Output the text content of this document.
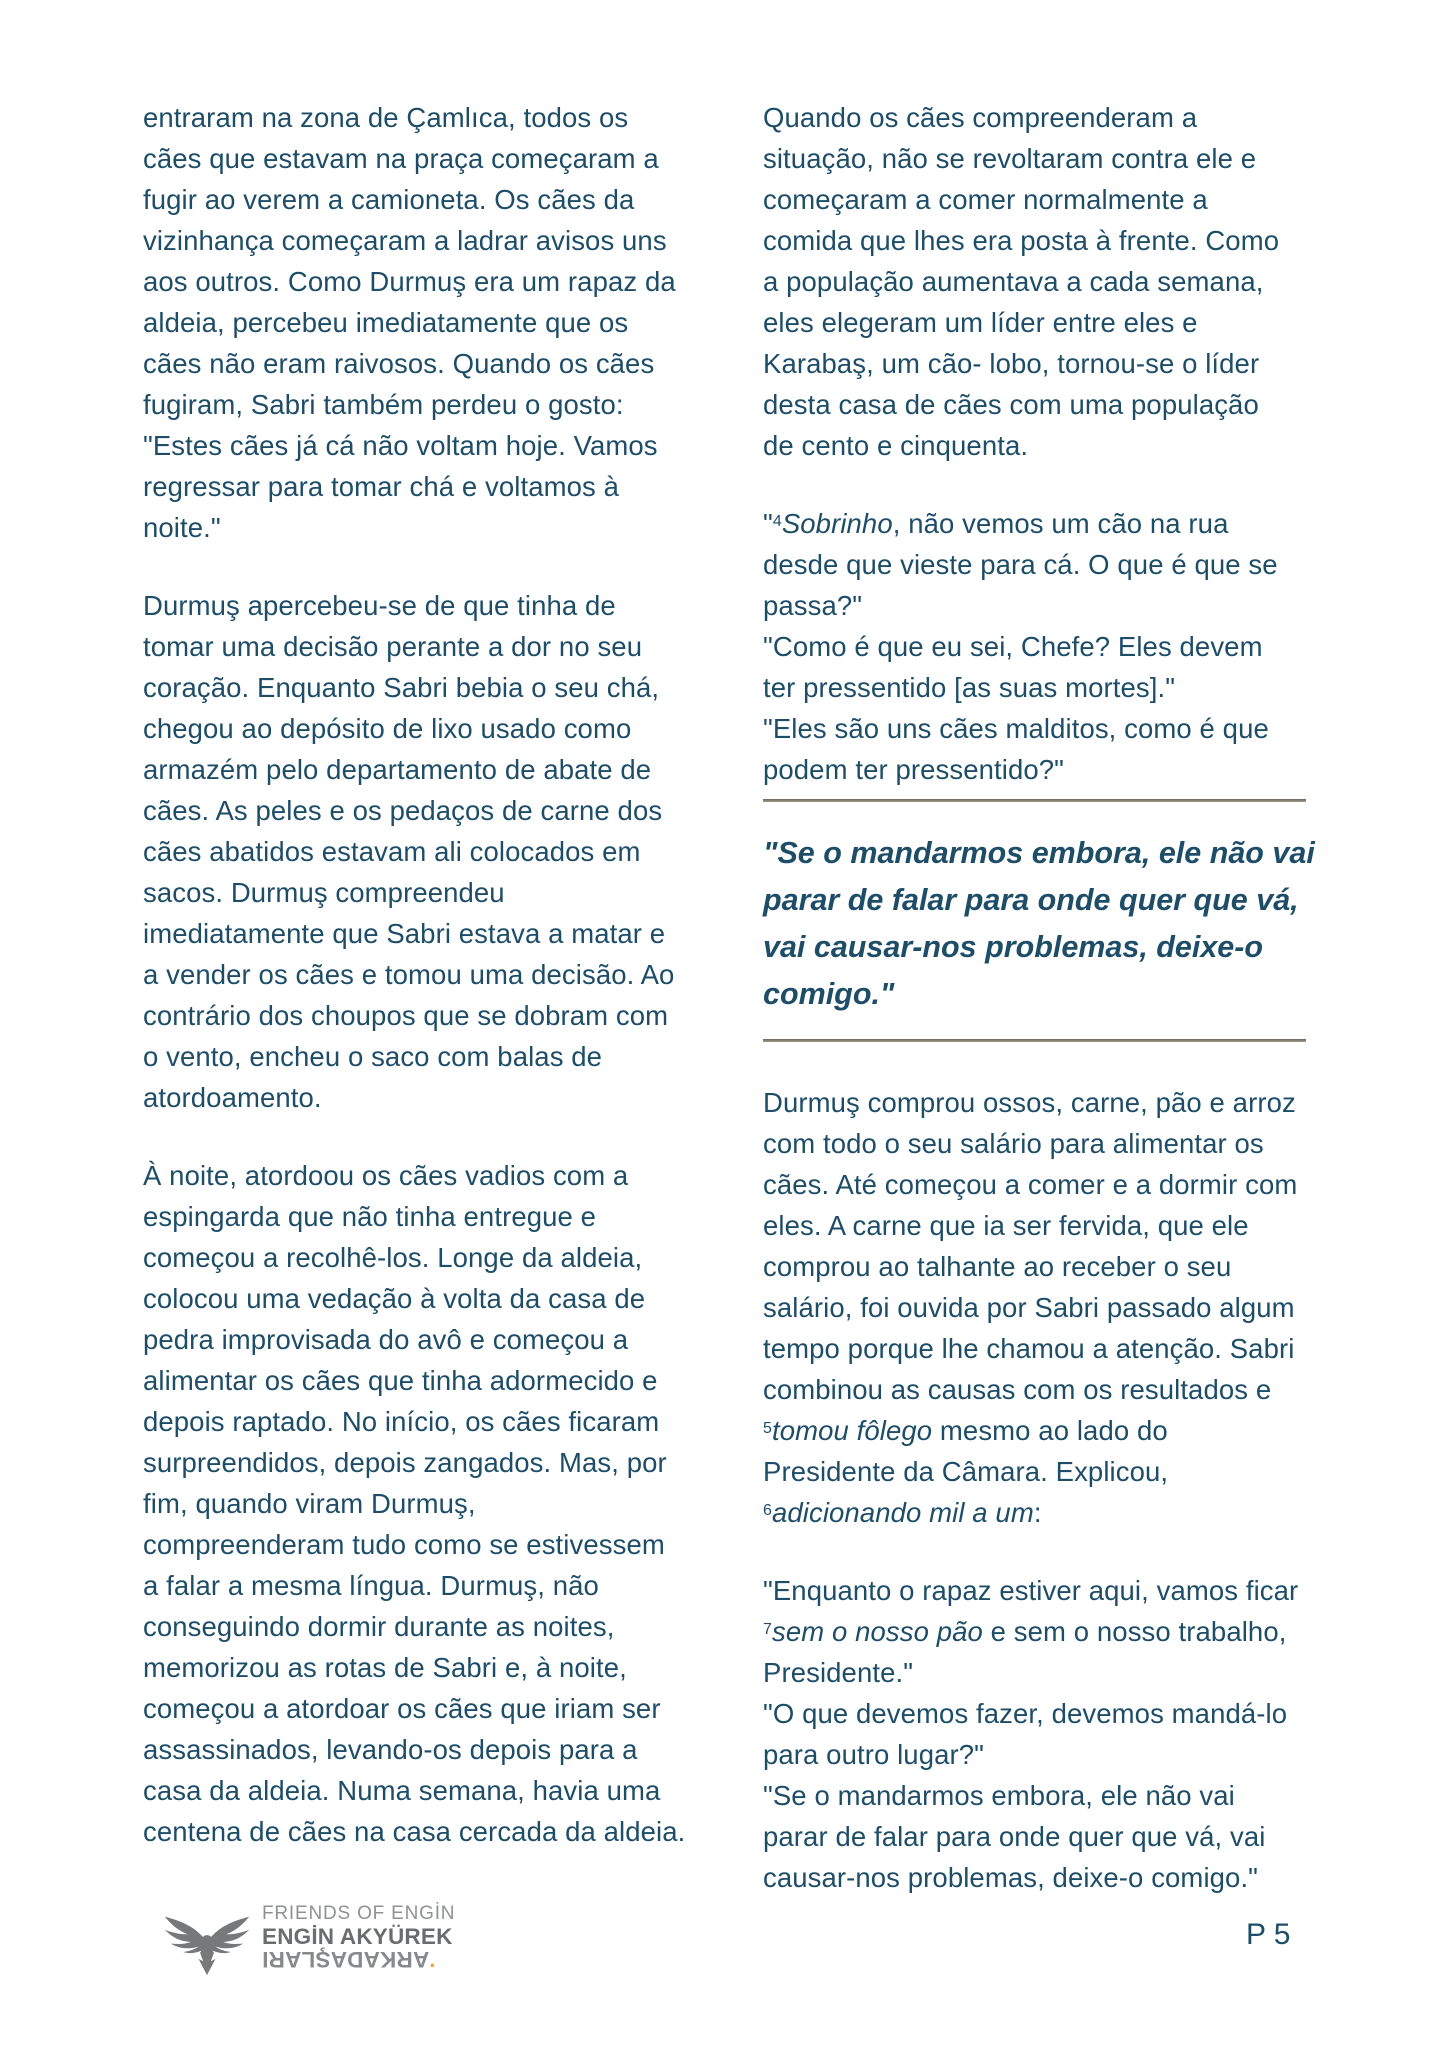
entraram na zona de Çamlıca, todos os
cães que estavam na praça começaram a
fugir ao verem a camioneta. Os cães da
vizinhança começaram a ladrar avisos uns
aos outros. Como Durmuş era um rapaz da
aldeia, percebeu imediatamente que os
cães não eram raivosos. Quando os cães
fugiram, Sabri também perdeu o gosto:
"Estes cães já cá não voltam hoje. Vamos
regressar para tomar chá e voltamos à
noite."

Durmuş apercebeu-se de que tinha de
tomar uma decisão perante a dor no seu
coração. Enquanto Sabri bebia o seu chá,
chegou ao depósito de lixo usado como
armazém pelo departamento de abate de
cães. As peles e os pedaços de carne dos
cães abatidos estavam ali colocados em
sacos. Durmuş compreendeu
imediatamente que Sabri estava a matar e
a vender os cães e tomou uma decisão. Ao
contrário dos choupos que se dobram com
o vento, encheu o saco com balas de
atordoamento.

À noite, atordoou os cães vadios com a
espingarda que não tinha entregue e
começou a recolhê-los. Longe da aldeia,
colocou uma vedação à volta da casa de
pedra improvisada do avô e começou a
alimentar os cães que tinha adormecido e
depois raptado. No início, os cães ficaram
surpreendidos, depois zangados. Mas, por
fim, quando viram Durmuş,
compreenderam tudo como se estivessem
a falar a mesma língua. Durmuş, não
conseguindo dormir durante as noites,
memorizou as rotas de Sabri e, à noite,
começou a atordoar os cães que iriam ser
assassinados, levando-os depois para a
casa da aldeia. Numa semana, havia uma
centena de cães na casa cercada da aldeia.

Quando os cães compreenderam a
situação, não se revoltaram contra ele e
começaram a comer normalmente a
comida que lhes era posta à frente. Como
a população aumentava a cada semana,
eles elegeram um líder entre eles e
Karabaş, um cão- lobo, tornou-se o líder
desta casa de cães com uma população
de cento e cinquenta.

"$^4$Sobrinho, não vemos um cão na rua
desde que vieste para cá. O que é que se
passa?"
"Como é que eu sei, Chefe? Eles devem
ter pressentido [as suas mortes]."
"Eles são uns cães malditos, como é que
podem ter pressentido?"

"Se o mandarmos embora, ele não vai
parar de falar para onde quer que vá,
vai causar-nos problemas, deixe-o
comigo."

Durmuş comprou ossos, carne, pão e arroz
com todo o seu salário para alimentar os
cães. Até começou a comer e a dormir com
eles. A carne que ia ser fervida, que ele
comprou ao talhante ao receber o seu
salário, foi ouvida por Sabri passado algum
tempo porque lhe chamou a atenção. Sabri
combinou as causas com os resultados e
$^5$tomou fôlego mesmo ao lado do
Presidente da Câmara. Explicou,
$^6$adicionando mil a um:

"Enquanto o rapaz estiver aqui, vamos ficar
$^7$sem o nosso pão e sem o nosso trabalho,
Presidente."
"O que devemos fazer, devemos mandá-lo
para outro lugar?"
"Se o mandarmos embora, ele não vai
parar de falar para onde quer que vá, vai
causar-nos problemas, deixe-o comigo."

FRIENDS OF ENGİN
ENGİN AKYÜREK
ARKADAŞLARI.
P 5
